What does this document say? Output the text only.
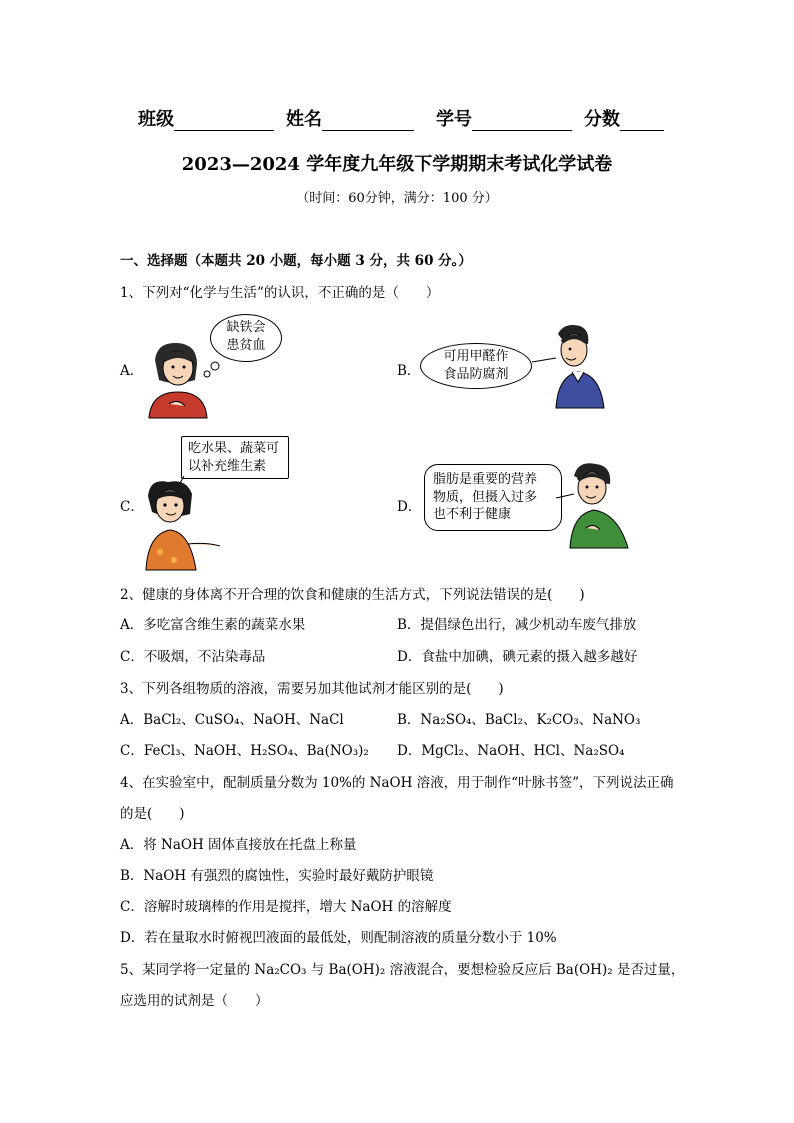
班级	姓名	学号	分数
2023—2024 学年度九年级下学期期末考试化学试卷
（时间：60分钟，满分：100 分）
一、选择题（本题共 20 小题，每小题 3 分，共 60 分。）
1、下列对“化学与生活”的认识，不正确的是（　　）
A．
缺铁会
患贫血
B．
可用甲醛作
食品防腐剂
C．
吃水果、蔬菜可
以补充维生素
D．
脂肪是重要的营养
物质，但摄入过多
也不利于健康
2、健康的身体离不开合理的饮食和健康的生活方式，下列说法错误的是(　　)
A．多吃富含维生素的蔬菜水果	B．提倡绿色出行，减少机动车废气排放
C．不吸烟，不沾染毒品	D．食盐中加碘，碘元素的摄入越多越好
3、下列各组物质的溶液，需要另加其他试剂才能区别的是(　　)
A．BaCl₂、CuSO₄、NaOH、NaCl	B．Na₂SO₄、BaCl₂、K₂CO₃、NaNO₃
C．FeCl₃、NaOH、H₂SO₄、Ba(NO₃)₂ D．MgCl₂、NaOH、HCl、Na₂SO₄
4、在实验室中，配制质量分数为 10%的 NaOH 溶液，用于制作“叶脉书签”，下列说法正确
的是(　　)
A．将 NaOH 固体直接放在托盘上称量
B．NaOH 有强烈的腐蚀性，实验时最好戴防护眼镜
C．溶解时玻璃棒的作用是搅拌，增大 NaOH 的溶解度
D．若在量取水时俯视凹液面的最低处，则配制溶液的质量分数小于 10%
5、某同学将一定量的 Na₂CO₃ 与 Ba(OH)₂ 溶液混合，要想检验反应后 Ba(OH)₂ 是否过量，
应选用的试剂是（　　）
